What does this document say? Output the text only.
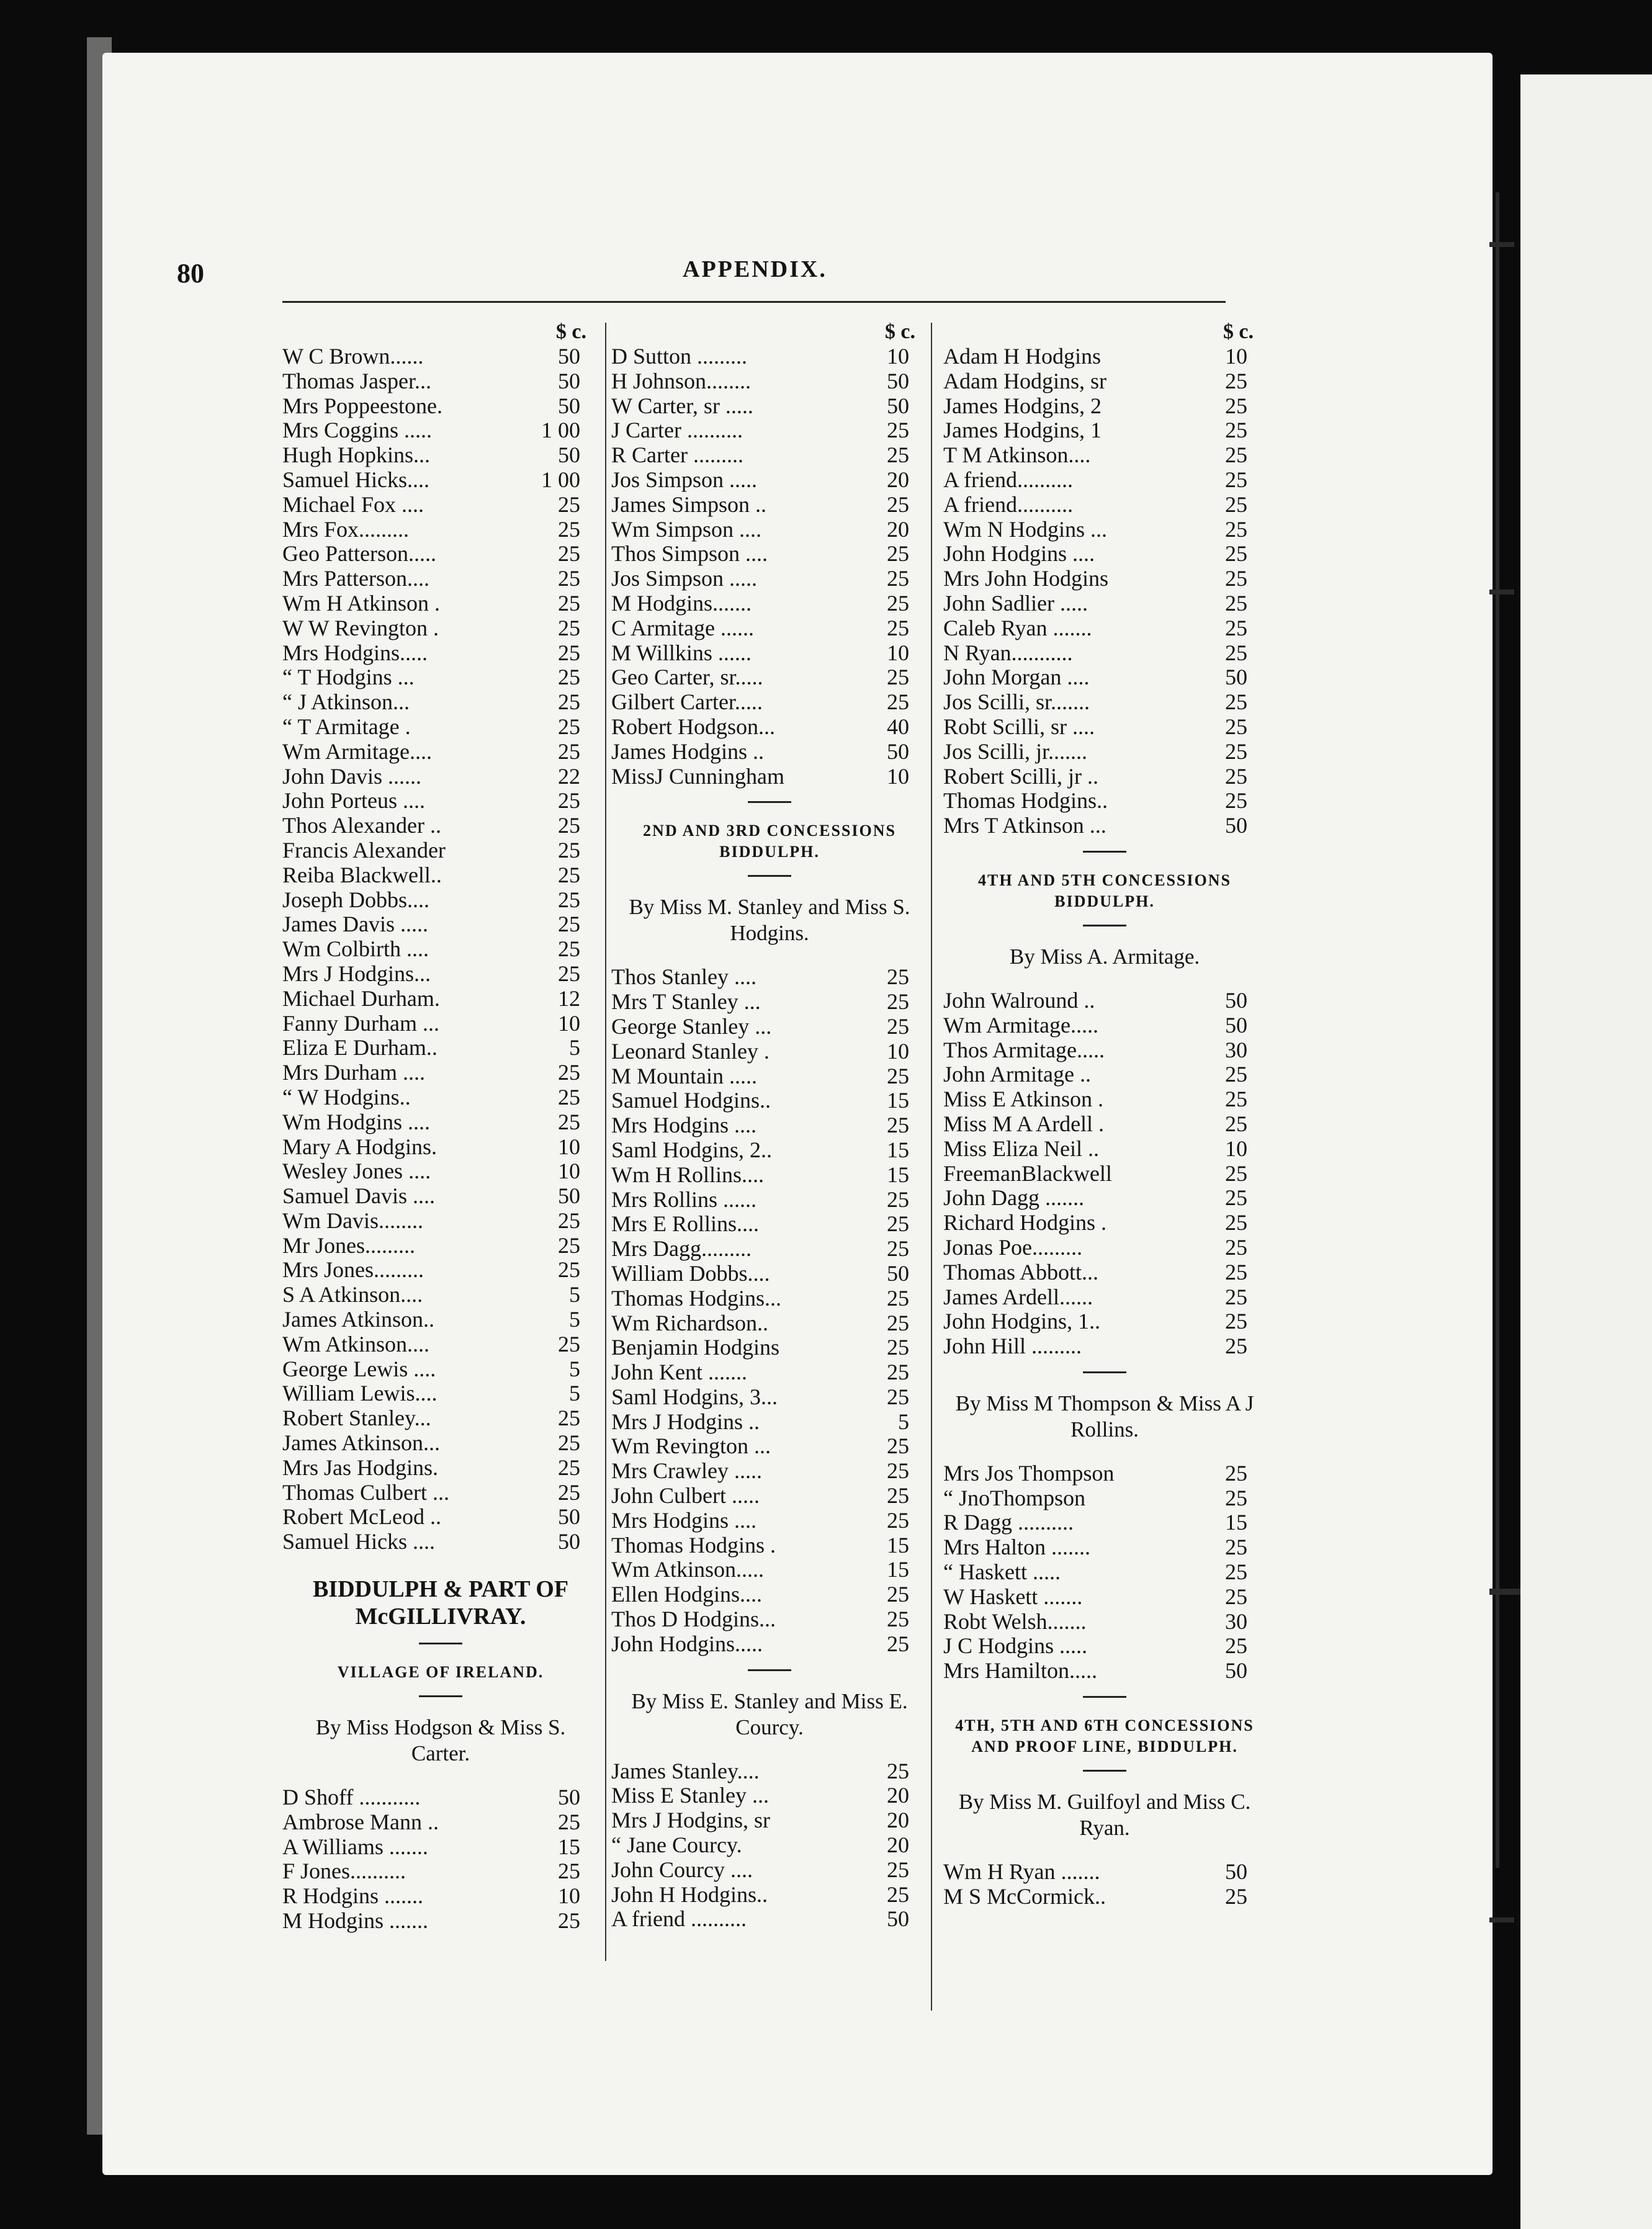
80	APPENDIX.
$ c.
W C Brown......	50
Thomas Jasper...	50
Mrs Poppeestone.	50
Mrs Coggins .....	1 00
Hugh Hopkins...	50
Samuel Hicks....	1 00
Michael Fox ....	25
Mrs Fox.........	25
Geo Patterson.....	25
Mrs Patterson....	25
Wm H Atkinson .	25
W W Revington .	25
Mrs Hodgins.....	25
“ T Hodgins ...	25
“ J Atkinson...	25
“ T Armitage .	25
Wm Armitage....	25
John Davis ......	22
John Porteus ....	25
Thos Alexander ..	25
Francis Alexander	25
Reiba Blackwell..	25
Joseph Dobbs....	25
James Davis .....	25
Wm Colbirth ....	25
Mrs J Hodgins...	25
Michael Durham.	12
Fanny Durham ...	10
Eliza E Durham..	5
Mrs Durham ....	25
“ W Hodgins..	25
Wm Hodgins ....	25
Mary A Hodgins.	10
Wesley Jones ....	10
Samuel Davis ....	50
Wm Davis........	25
Mr Jones.........	25
Mrs Jones.........	25
S A Atkinson....	5
James Atkinson..	5
Wm Atkinson....	25
George Lewis ....	5
William Lewis....	5
Robert Stanley...	25
James Atkinson...	25
Mrs Jas Hodgins.	25
Thomas Culbert ...	25
Robert McLeod ..	50
Samuel Hicks ....	50
BIDDULPH & PART OF McGILLIVRAY.
VILLAGE OF IRELAND.
By Miss Hodgson & Miss S. Carter.
D Shoff ...........	50
Ambrose Mann ..	25
A Williams .......	15
F Jones..........	25
R Hodgins .......	10
M Hodgins .......	25
$ c.
D Sutton .........	10
H Johnson........	50
W Carter, sr .....	50
J Carter ..........	25
R Carter .........	25
Jos Simpson .....	20
James Simpson ..	25
Wm Simpson ....	20
Thos Simpson ....	25
Jos Simpson .....	25
M Hodgins.......	25
C Armitage ......	25
M Willkins ......	10
Geo Carter, sr.....	25
Gilbert Carter.....	25
Robert Hodgson...	40
James Hodgins ..	50
MissJ Cunningham	10
2ND AND 3RD CONCESSIONS BIDDULPH.
By Miss M. Stanley and Miss S. Hodgins.
Thos Stanley ....	25
Mrs T Stanley ...	25
George Stanley ...	25
Leonard Stanley .	10
M Mountain .....	25
Samuel Hodgins..	15
Mrs Hodgins ....	25
Saml Hodgins, 2..	15
Wm H Rollins....	15
Mrs Rollins ......	25
Mrs E Rollins....	25
Mrs Dagg.........	25
William Dobbs....	50
Thomas Hodgins...	25
Wm Richardson..	25
Benjamin Hodgins	25
John Kent .......	25
Saml Hodgins, 3...	25
Mrs J Hodgins ..	5
Wm Revington ...	25
Mrs Crawley .....	25
John Culbert .....	25
Mrs Hodgins ....	25
Thomas Hodgins .	15
Wm Atkinson.....	15
Ellen Hodgins....	25
Thos D Hodgins...	25
John Hodgins.....	25
By Miss E. Stanley and Miss E. Courcy.
James Stanley....	25
Miss E Stanley ...	20
Mrs J Hodgins, sr	20
“ Jane Courcy.	20
John Courcy ....	25
John H Hodgins..	25
A friend ..........	50
$ c.
Adam H Hodgins	10
Adam Hodgins, sr	25
James Hodgins, 2	25
James Hodgins, 1	25
T M Atkinson....	25
A friend..........	25
A friend..........	25
Wm N Hodgins ...	25
John Hodgins ....	25
Mrs John Hodgins	25
John Sadlier .....	25
Caleb Ryan .......	25
N Ryan...........	25
John Morgan ....	50
Jos Scilli, sr.......	25
Robt Scilli, sr ....	25
Jos Scilli, jr.......	25
Robert Scilli, jr ..	25
Thomas Hodgins..	25
Mrs T Atkinson ...	50
4TH AND 5TH CONCESSIONS BIDDULPH.
By Miss A. Armitage.
John Walround ..	50
Wm Armitage.....	50
Thos Armitage.....	30
John Armitage ..	25
Miss E Atkinson .	25
Miss M A Ardell .	25
Miss Eliza Neil ..	10
FreemanBlackwell	25
John Dagg .......	25
Richard Hodgins .	25
Jonas Poe.........	25
Thomas Abbott...	25
James Ardell......	25
John Hodgins, 1..	25
John Hill .........	25
By Miss M Thompson & Miss A J Rollins.
Mrs Jos Thompson	25
“ JnoThompson	25
R Dagg ..........	15
Mrs Halton .......	25
“ Haskett .....	25
W Haskett .......	25
Robt Welsh.......	30
J C Hodgins .....	25
Mrs Hamilton.....	50
4TH, 5TH AND 6TH CONCESSIONS AND PROOF LINE, BIDDULPH.
By Miss M. Guilfoyl and Miss C. Ryan.
Wm H Ryan .......	50
M S McCormick..	25
